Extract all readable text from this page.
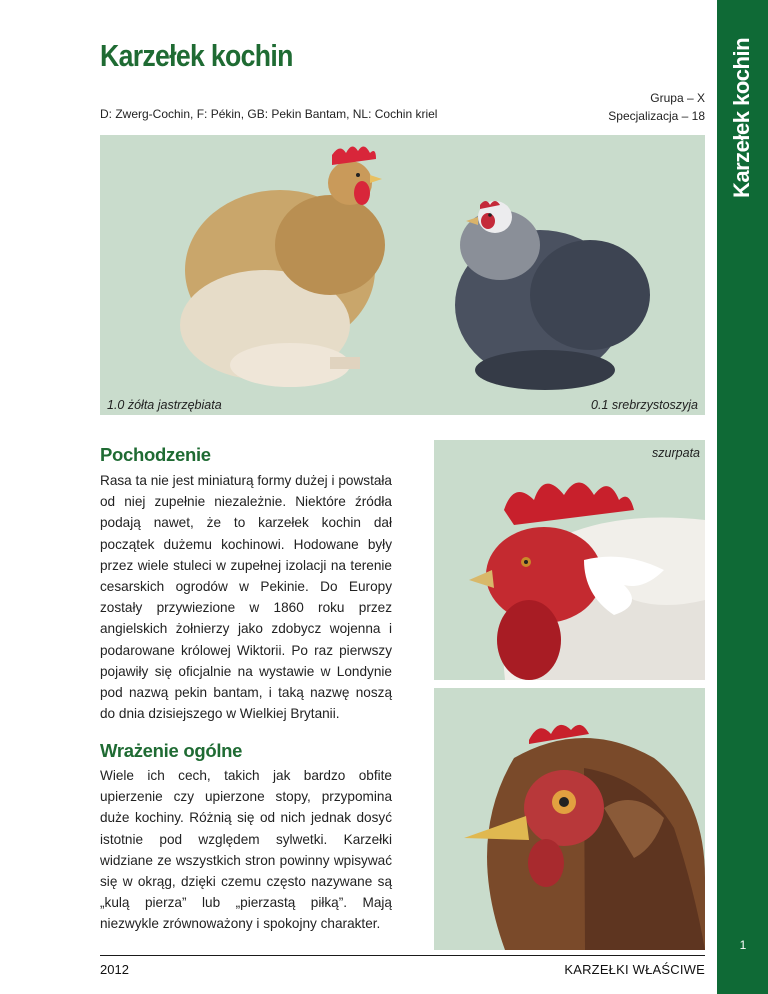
Karzełek kochin	Karzełek kochin
1
D: Zwerg-Cochin, F: Pékin, GB: Pekin Bantam, NL: Cochin kriel
Grupa – X
Specjalizacja – 18
1.0 żółta jastrzębiata	0.1 srebrzystoszyja
szurpata
Pochodzenie
Rasa ta nie jest miniaturą formy dużej i powstała od niej zupełnie niezależnie. Niektóre źródła podają nawet, że to karzełek kochin dał początek dużemu kochinowi. Hodowane były przez wiele stuleci w zupełnej izolacji na terenie cesarskich ogrodów w Pekinie. Do Europy zostały przywiezione w 1860 roku przez angielskich żołnierzy jako zdobycz wojenna i podarowane królowej Wiktorii. Po raz pierwszy pojawiły się oficjalnie na wystawie w Londynie pod nazwą pekin bantam, i taką nazwę noszą do dnia dzisiejszego w Wielkiej Brytanii.
Wrażenie ogólne
Wiele ich cech, takich jak bardzo obfite upierzenie czy upierzone stopy, przypomina duże kochiny. Różnią się od nich jednak dosyć istotnie pod względem sylwetki. Karzełki widziane ze wszystkich stron powinny wpisywać się w okrąg, dzięki czemu często nazywane są „kulą pierza” lub „pierzastą piłką”. Mają niezwykle zrównoważony i spokojny charakter.
2012	KARZEŁKI WŁAŚCIWE
